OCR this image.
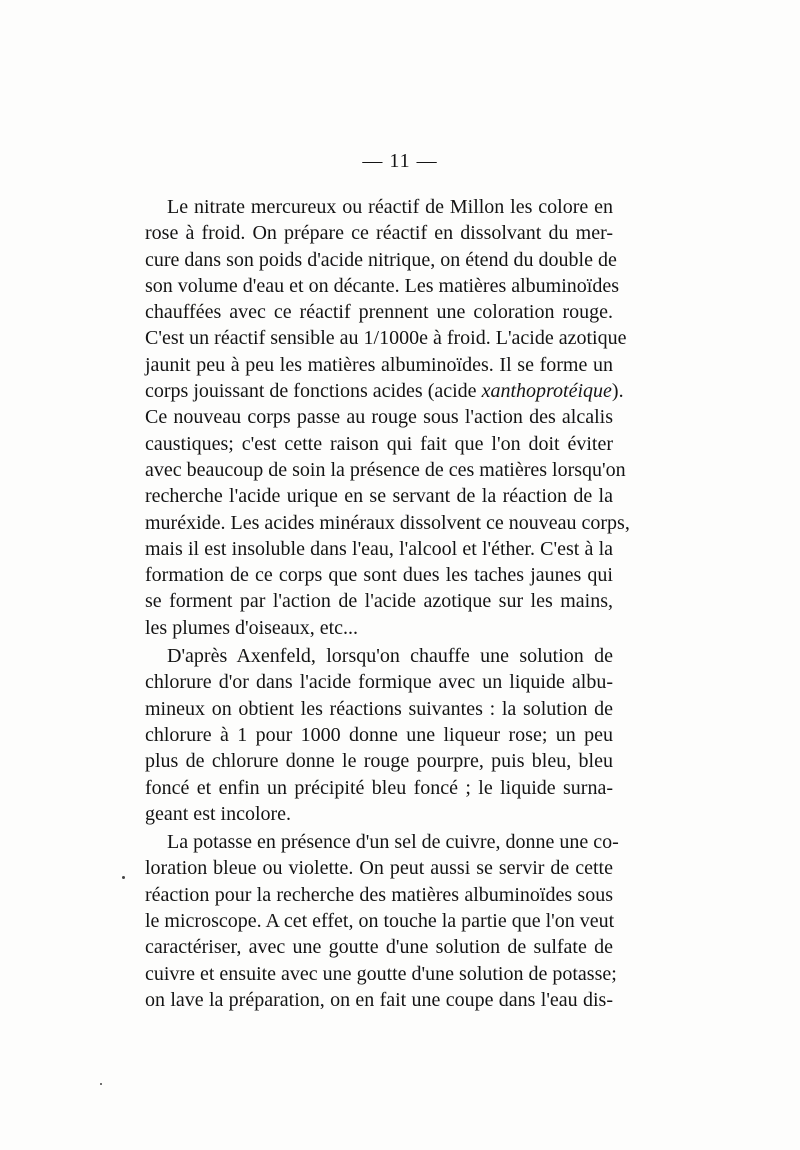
— 11 —
Le nitrate mercureux ou réactif de Millon les colore en
rose à froid. On prépare ce réactif en dissolvant du mer-
cure dans son poids d'acide nitrique, on étend du double de
son volume d'eau et on décante. Les matières albuminoïdes
chauffées avec ce réactif prennent une coloration rouge.
C'est un réactif sensible au 1/1000e à froid. L'acide azotique
jaunit peu à peu les matières albuminoïdes. Il se forme un
corps jouissant de fonctions acides (acide xanthoprotéique).
Ce nouveau corps passe au rouge sous l'action des alcalis
caustiques; c'est cette raison qui fait que l'on doit éviter
avec beaucoup de soin la présence de ces matières lorsqu'on
recherche l'acide urique en se servant de la réaction de la
muréxide. Les acides minéraux dissolvent ce nouveau corps,
mais il est insoluble dans l'eau, l'alcool et l'éther. C'est à la
formation de ce corps que sont dues les taches jaunes qui
se forment par l'action de l'acide azotique sur les mains,
les plumes d'oiseaux, etc...
D'après Axenfeld, lorsqu'on chauffe une solution de
chlorure d'or dans l'acide formique avec un liquide albu-
mineux on obtient les réactions suivantes : la solution de
chlorure à 1 pour 1000 donne une liqueur rose; un peu
plus de chlorure donne le rouge pourpre, puis bleu, bleu
foncé et enfin un précipité bleu foncé ; le liquide surna-
geant est incolore.
La potasse en présence d'un sel de cuivre, donne une co-
loration bleue ou violette. On peut aussi se servir de cette
réaction pour la recherche des matières albuminoïdes sous
le microscope. A cet effet, on touche la partie que l'on veut
caractériser, avec une goutte d'une solution de sulfate de
cuivre et ensuite avec une goutte d'une solution de potasse;
on lave la préparation, on en fait une coupe dans l'eau dis-
